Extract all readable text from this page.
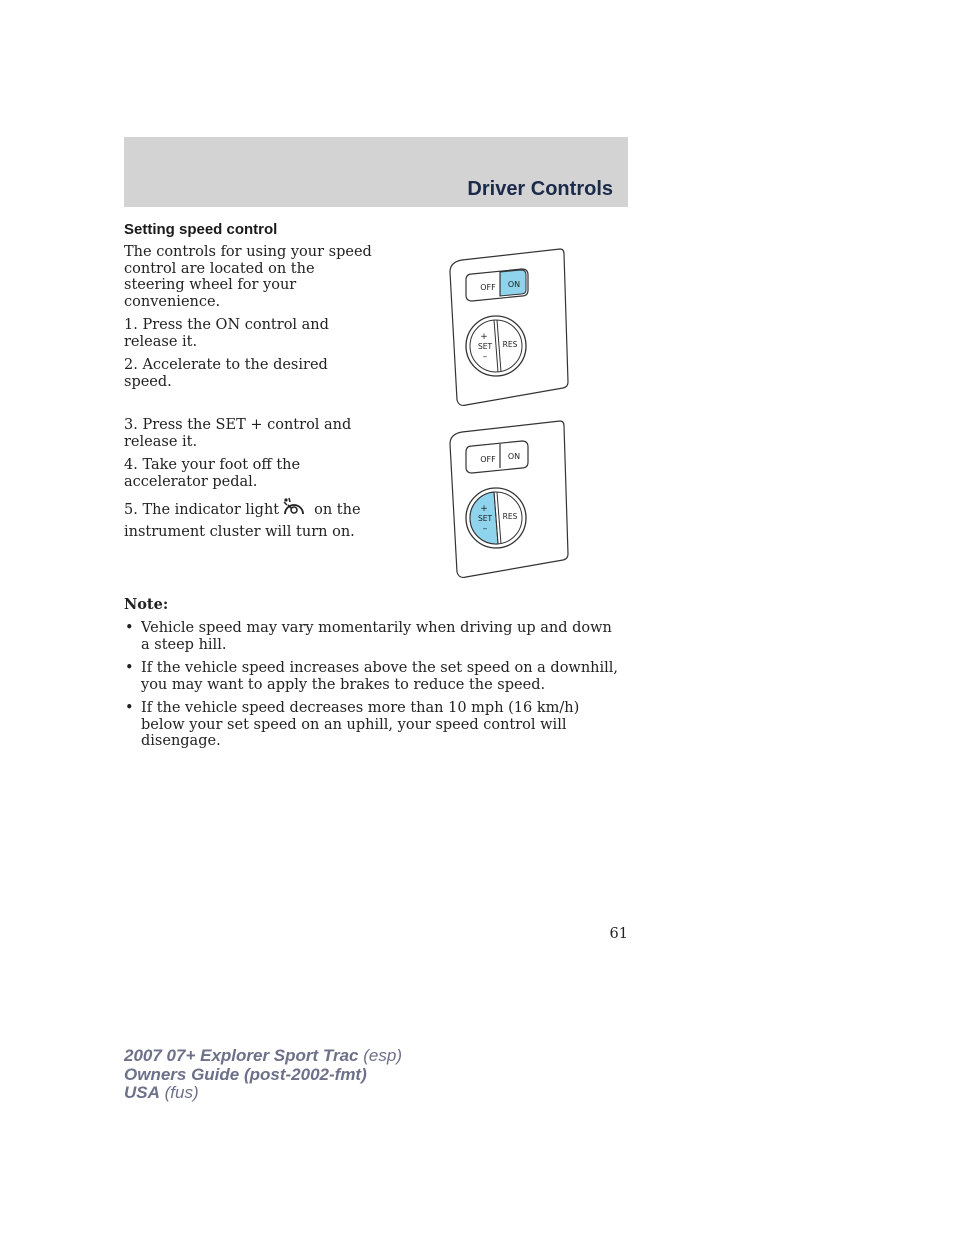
Driver Controls
Setting speed control

The controls for using your speed control are located on the steering wheel for your convenience.

1. Press the ON control and release it.

2. Accelerate to the desired speed.

3. Press the SET + control and release it.

4. Take your foot off the accelerator pedal.

5. The indicator light on the instrument cluster will turn on.

OFF ON
+
SET
–
RES
OFF ON
+
SET
–
RES
Note:
• Vehicle speed may vary momentarily when driving up and down a steep hill.
• If the vehicle speed increases above the set speed on a downhill, you may want to apply the brakes to reduce the speed.
• If the vehicle speed decreases more than 10 mph (16 km/h) below your set speed on an uphill, your speed control will disengage.
61
2007 07+ Explorer Sport Trac (esp)
Owners Guide (post-2002-fmt)
USA (fus)
